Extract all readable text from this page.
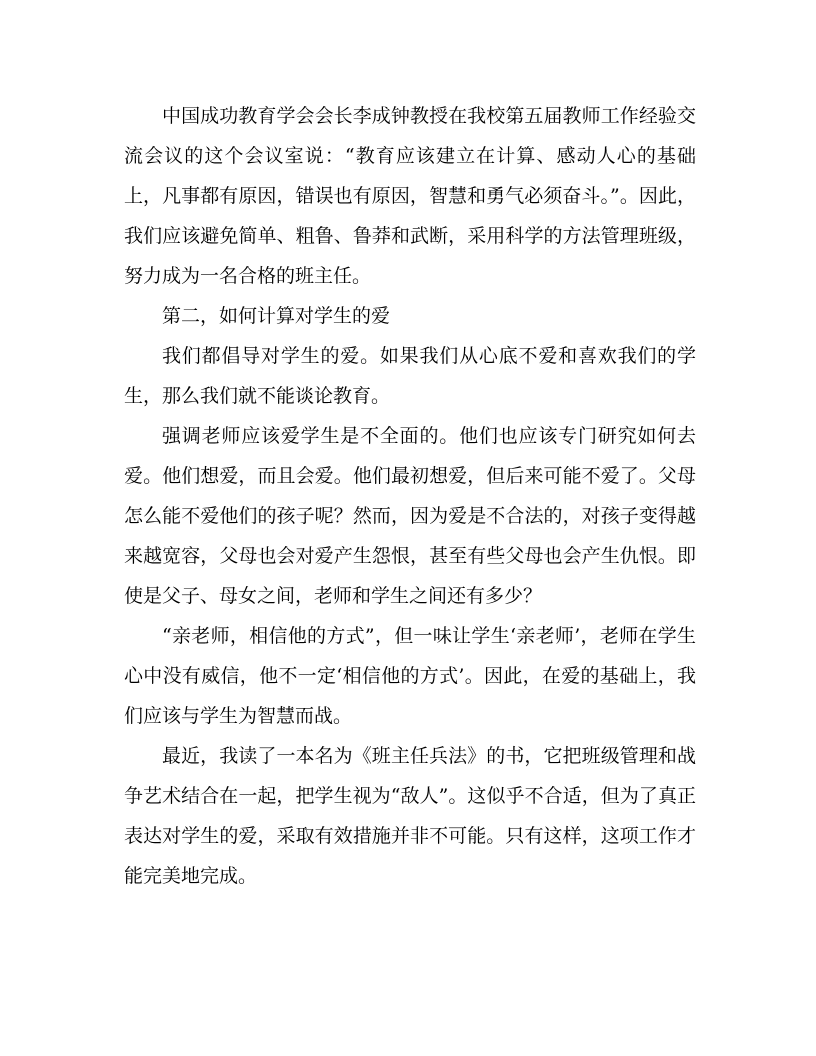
中国成功教育学会会长李成钟教授在我校第五届教师工作经验交流会议的这个会议室说：“教育应该建立在计算、感动人心的基础上，凡事都有原因，错误也有原因，智慧和勇气必须奋斗。”。因此，我们应该避免简单、粗鲁、鲁莽和武断，采用科学的方法管理班级，努力成为一名合格的班主任。

第二，如何计算对学生的爱

我们都倡导对学生的爱。如果我们从心底不爱和喜欢我们的学生，那么我们就不能谈论教育。

强调老师应该爱学生是不全面的。他们也应该专门研究如何去爱。他们想爱，而且会爱。他们最初想爱，但后来可能不爱了。父母怎么能不爱他们的孩子呢？然而，因为爱是不合法的，对孩子变得越来越宽容，父母也会对爱产生怨恨，甚至有些父母也会产生仇恨。即使是父子、母女之间，老师和学生之间还有多少？

“亲老师，相信他的方式”，但一味让学生‘亲老师’，老师在学生心中没有威信，他不一定‘相信他的方式’。因此，在爱的基础上，我们应该与学生为智慧而战。

最近，我读了一本名为《班主任兵法》的书，它把班级管理和战争艺术结合在一起，把学生视为“敌人”。这似乎不合适，但为了真正表达对学生的爱，采取有效措施并非不可能。只有这样，这项工作才能完美地完成。
